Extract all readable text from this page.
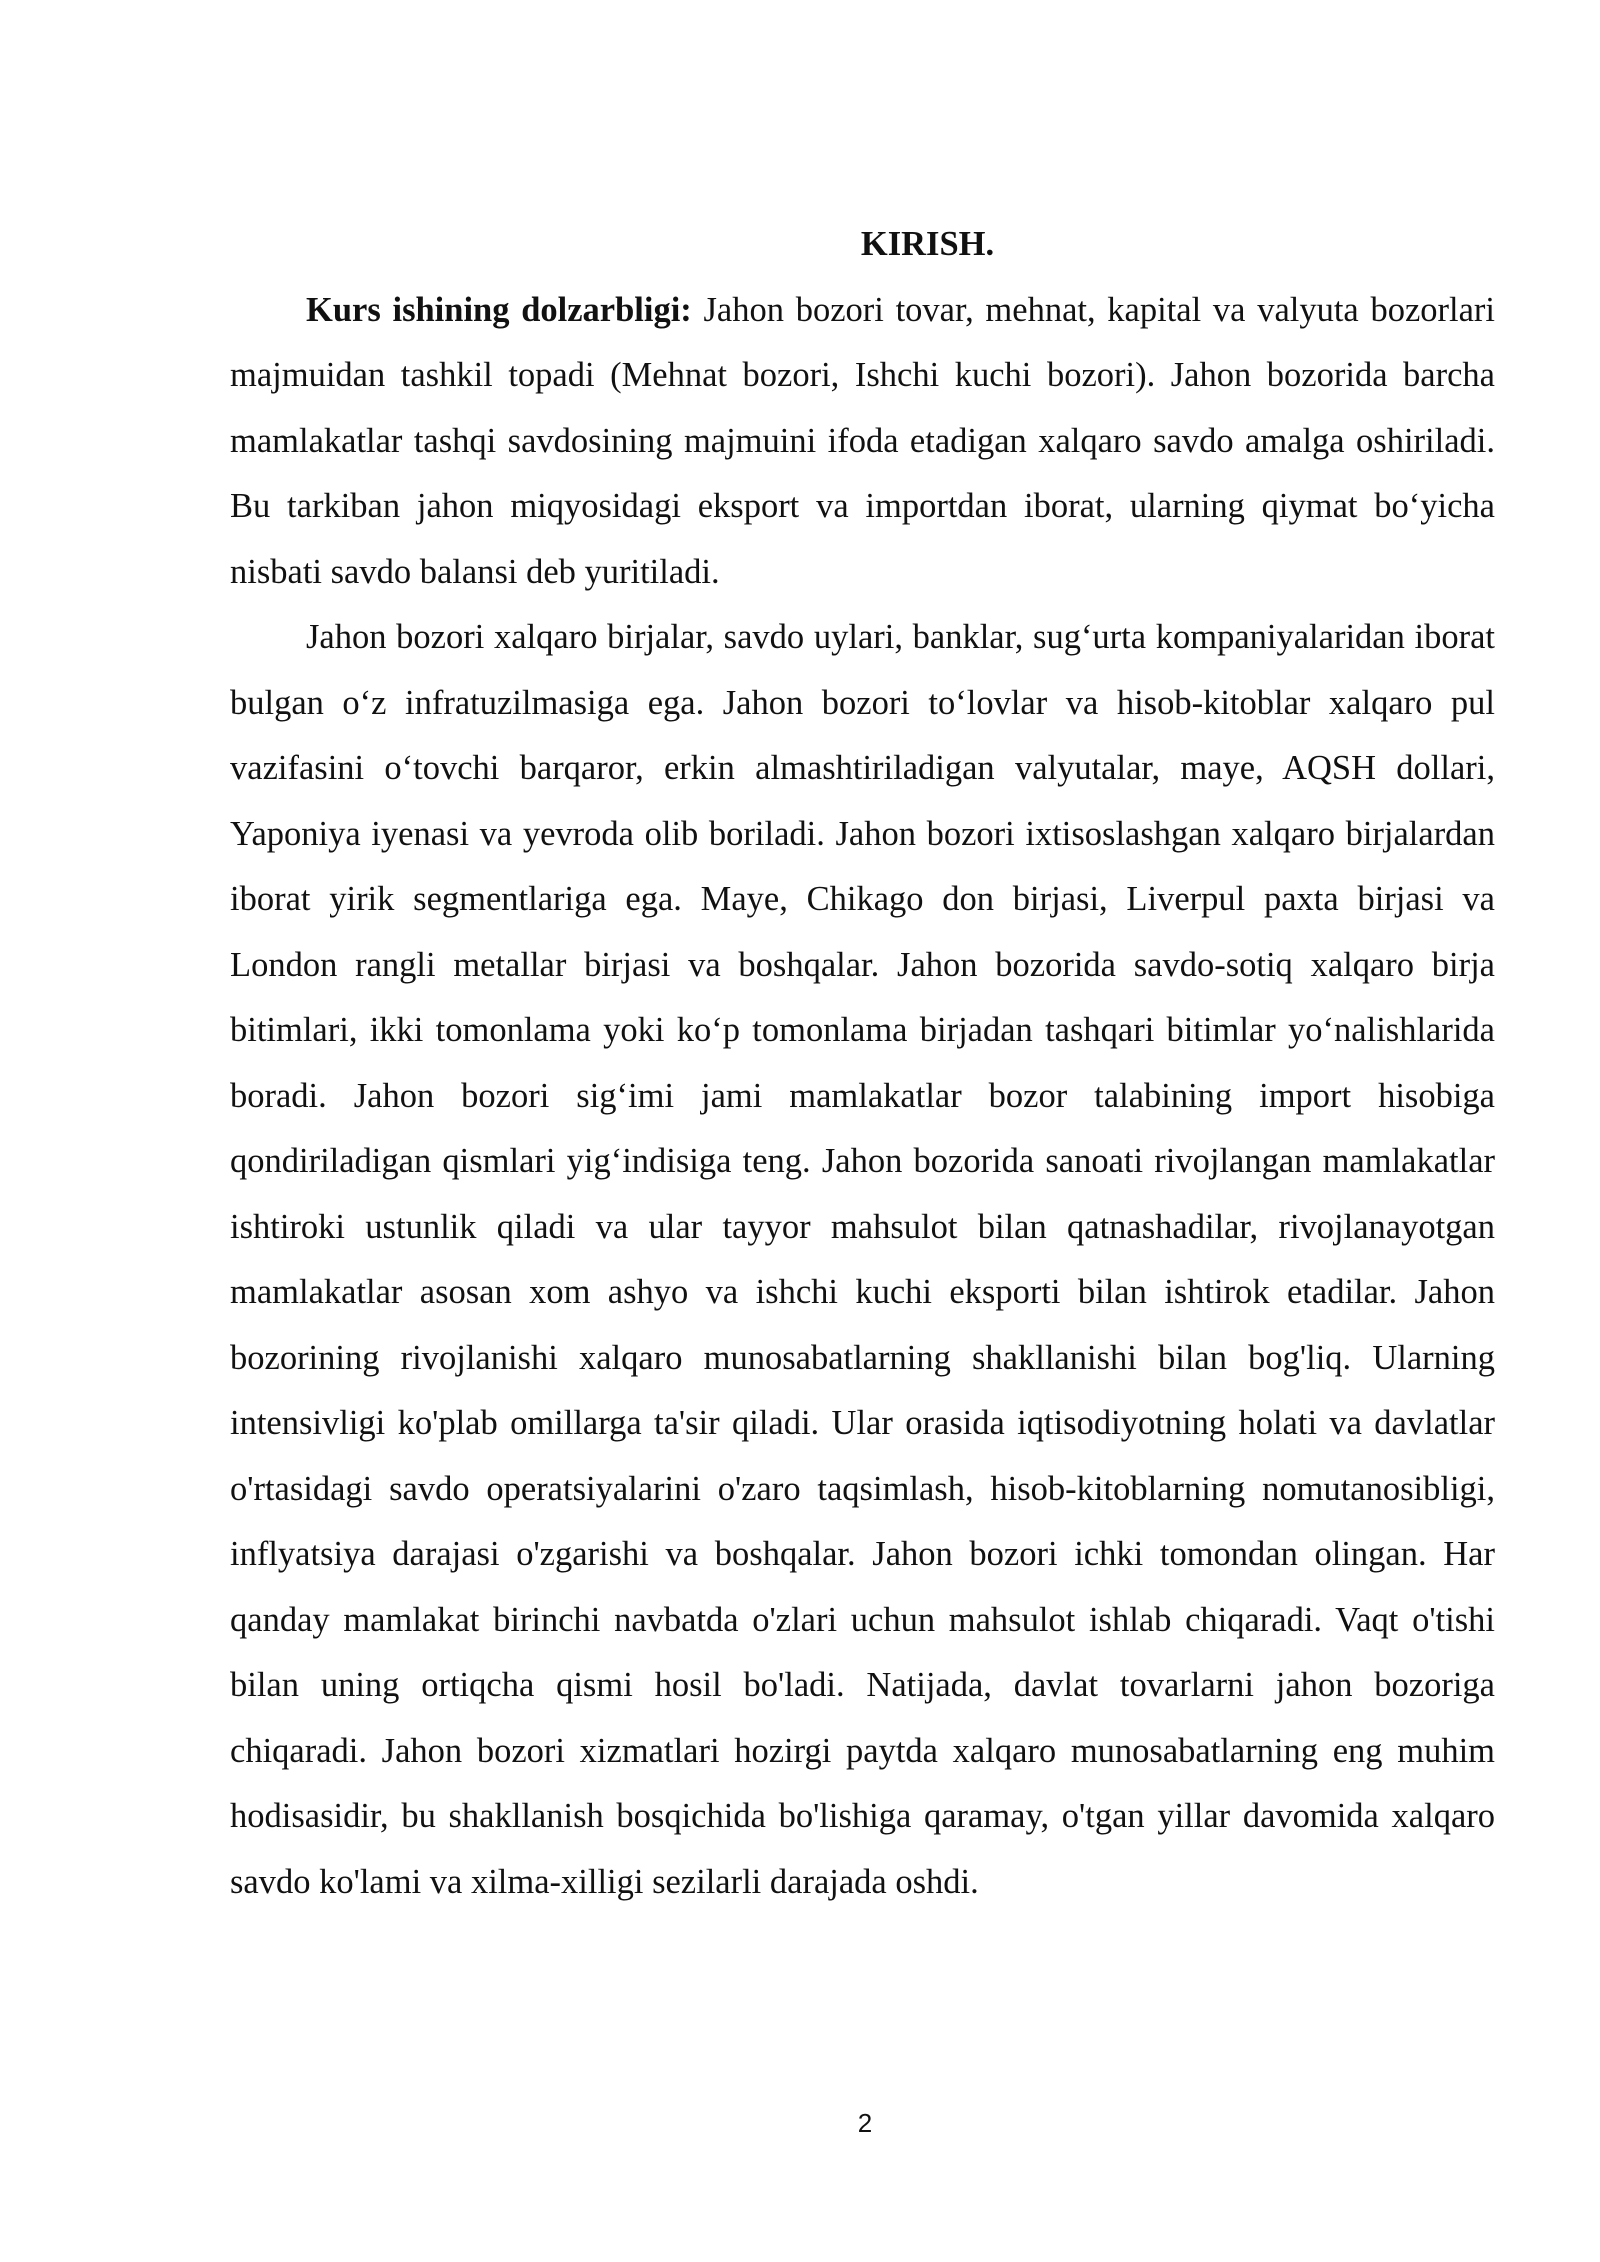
KIRISH.

Kurs ishining dolzarbligi: Jahon bozori tovar, mehnat, kapital va valyuta bozorlari majmuidan tashkil topadi (Mehnat bozori, Ishchi kuchi bozori). Jahon bozorida barcha mamlakatlar tashqi savdosining majmuini ifoda etadigan xalqaro savdo amalga oshiriladi. Bu tarkiban jahon miqyosidagi eksport va importdan iborat, ularning qiymat bo‘yicha nisbati savdo balansi deb yuritiladi.

Jahon bozori xalqaro birjalar, savdo uylari, banklar, sug‘urta kompaniyalaridan iborat bulgan o‘z infratuzilmasiga ega. Jahon bozori to‘lovlar va hisob-kitoblar xalqaro pul vazifasini o‘tovchi barqaror, erkin almashtiriladigan valyutalar, maye, AQSH dollari, Yaponiya iyenasi va yevroda olib boriladi. Jahon bozori ixtisoslashgan xalqaro birjalardan iborat yirik segmentlariga ega. Maye, Chikago don birjasi, Liverpul paxta birjasi va London rangli metallar birjasi va boshqalar. Jahon bozorida savdo-sotiq xalqaro birja bitimlari, ikki tomonlama yoki ko‘p tomonlama birjadan tashqari bitimlar yo‘nalishlarida boradi. Jahon bozori sig‘imi jami mamlakatlar bozor talabining import hisobiga qondiriladigan qismlari yig‘indisiga teng. Jahon bozorida sanoati rivojlangan mamlakatlar ishtiroki ustunlik qiladi va ular tayyor mahsulot bilan qatnashadilar, rivojlanayotgan mamlakatlar asosan xom ashyo va ishchi kuchi eksporti bilan ishtirok etadilar. Jahon bozorining rivojlanishi xalqaro munosabatlarning shakllanishi bilan bog'liq. Ularning intensivligi ko'plab omillarga ta'sir qiladi. Ular orasida iqtisodiyotning holati va davlatlar o'rtasidagi savdo operatsiyalarini o'zaro taqsimlash, hisob-kitoblarning nomutanosibligi, inflyatsiya darajasi o'zgarishi va boshqalar. Jahon bozori ichki tomondan olingan. Har qanday mamlakat birinchi navbatda o'zlari uchun mahsulot ishlab chiqaradi. Vaqt o'tishi bilan uning ortiqcha qismi hosil bo'ladi. Natijada, davlat tovarlarni jahon bozoriga chiqaradi. Jahon bozori xizmatlari hozirgi paytda xalqaro munosabatlarning eng muhim hodisasidir, bu shakllanish bosqichida bo'lishiga qaramay, o'tgan yillar davomida xalqaro savdo ko'lami va xilma-xilligi sezilarli darajada oshdi.

2
